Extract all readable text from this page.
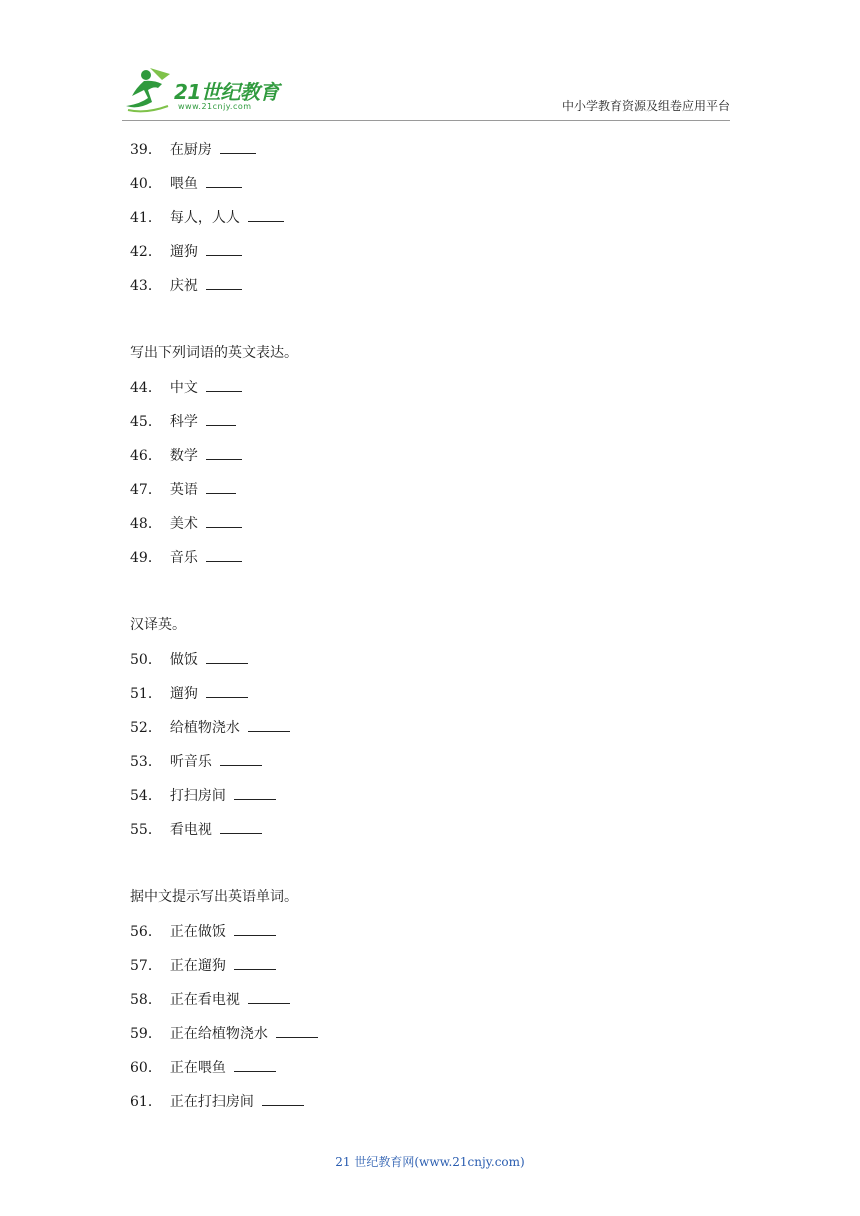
21世纪教育
www.21cnjy.com	中小学教育资源及组卷应用平台
39． 在厨房
40． 喂鱼
41． 每人，人人
42． 遛狗
43． 庆祝
写出下列词语的英文表达。
44． 中文
45． 科学
46． 数学
47． 英语
48． 美术
49． 音乐
汉译英。
50． 做饭
51． 遛狗
52． 给植物浇水
53． 听音乐
54． 打扫房间
55． 看电视
据中文提示写出英语单词。
56． 正在做饭
57． 正在遛狗
58． 正在看电视
59． 正在给植物浇水
60． 正在喂鱼
61． 正在打扫房间
21 世纪教育网(www.21cnjy.com)
